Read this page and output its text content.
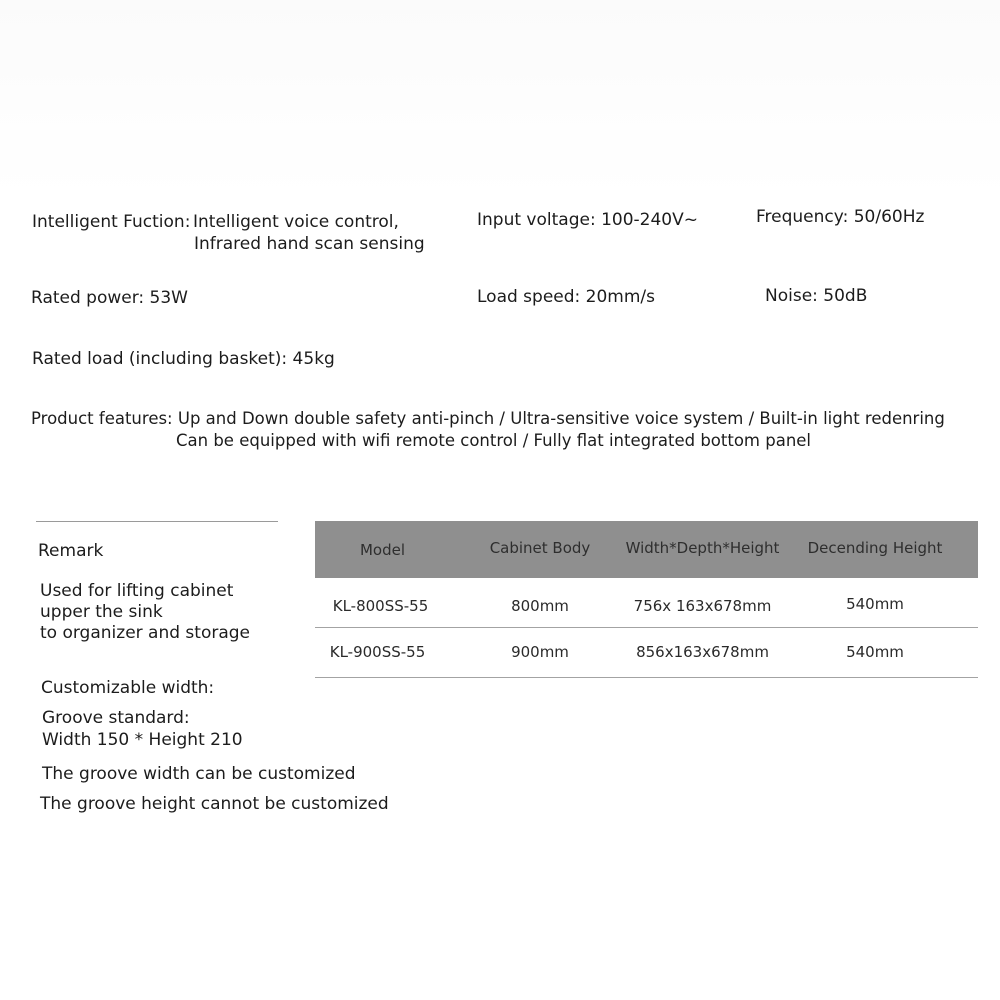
Intelligent Fuction: Intelligent voice control,
Infrared hand scan sensing
Input voltage: 100-240V~	Frequency: 50/60Hz
Rated power: 53W	Load speed: 20mm/s	Noise: 50dB
Rated load (including basket): 45kg
Product features: Up and Down double safety anti-pinch / Ultra-sensitive voice system / Built-in light redenring
Can be equipped with wifi remote control / Fully flat integrated bottom panel
Remark
Used for lifting cabinet
upper the sink
to organizer and storage
Customizable width:
Groove standard:
Width 150 * Height 210
The groove width can be customized
The groove height cannot be customized
Model	Cabinet Body	Width*Depth*Height	Decending Height
KL-800SS-55	800mm	756x 163x678mm	540mm
KL-900SS-55	900mm	856x163x678mm	540mm
